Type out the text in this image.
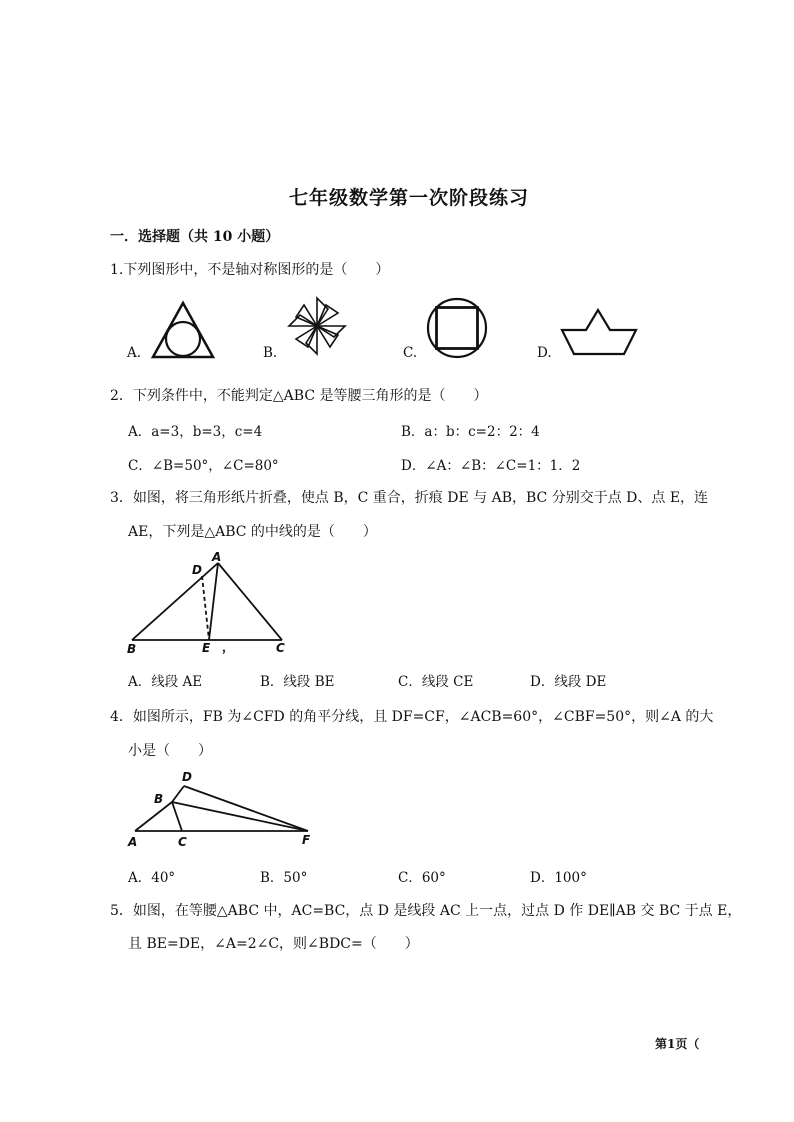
七年级数学第一次阶段练习
一．选择题（共 10 小题）
1.下列图形中，不是轴对称图形的是（　　）
A.	B.	C.	D.
2．下列条件中，不能判定△ABC 是等腰三角形的是（　　）
A．a=3，b=3，c=4	B．a：b：c=2：2：4
C．∠B=50°，∠C=80°	D．∠A：∠B：∠C=1：1．2
3．如图，将三角形纸片折叠，使点 B，C 重合，折痕 DE 与 AB，BC 分别交于点 D、点 E，连
AE，下列是△ABC 的中线的是（　　）
A
D
B	E ，	C
A．线段 AE	B．线段 BE	C．线段 CE	D．线段 DE
4．如图所示，FB 为∠CFD 的角平分线，且 DF=CF，∠ACB=60°，∠CBF=50°，则∠A 的大
小是（　　）
D
B
A	C	F
A．40°	B．50°	C．60°	D．100°
5．如图，在等腰△ABC 中，AC=BC，点 D 是线段 AC 上一点，过点 D 作 DE∥AB 交 BC 于点 E，
且 BE=DE，∠A=2∠C，则∠BDC=（　　）
第1页（
